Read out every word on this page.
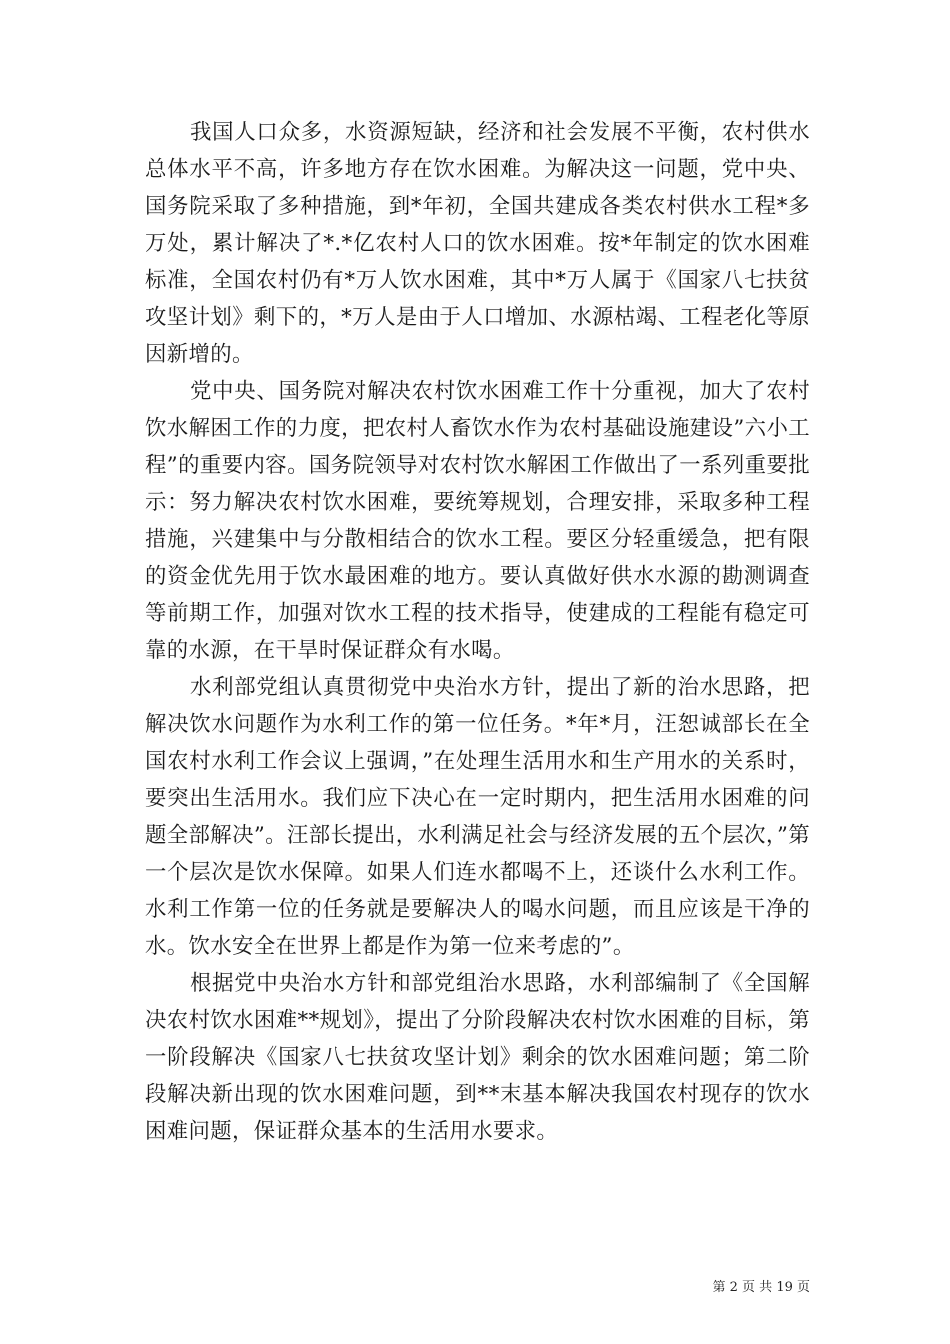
我国人口众多，水资源短缺，经济和社会发展不平衡，农村供水总体水平不高，许多地方存在饮水困难。为解决这一问题，党中央、国务院采取了多种措施，到*年初，全国共建成各类农村供水工程*多万处，累计解决了*.*亿农村人口的饮水困难。按*年制定的饮水困难标准，全国农村仍有*万人饮水困难，其中*万人属于《国家八七扶贫攻坚计划》剩下的，*万人是由于人口增加、水源枯竭、工程老化等原因新增的。

党中央、国务院对解决农村饮水困难工作十分重视，加大了农村饮水解困工作的力度，把农村人畜饮水作为农村基础设施建设”六小工程”的重要内容。国务院领导对农村饮水解困工作做出了一系列重要批示：努力解决农村饮水困难，要统筹规划，合理安排，采取多种工程措施，兴建集中与分散相结合的饮水工程。要区分轻重缓急，把有限的资金优先用于饮水最困难的地方。要认真做好供水水源的勘测调查等前期工作，加强对饮水工程的技术指导，使建成的工程能有稳定可靠的水源，在干旱时保证群众有水喝。

水利部党组认真贯彻党中央治水方针，提出了新的治水思路，把解决饮水问题作为水利工作的第一位任务。*年*月，汪恕诚部长在全国农村水利工作会议上强调，”在处理生活用水和生产用水的关系时，要突出生活用水。我们应下决心在一定时期内，把生活用水困难的问题全部解决”。汪部长提出，水利满足社会与经济发展的五个层次，”第一个层次是饮水保障。如果人们连水都喝不上，还谈什么水利工作。水利工作第一位的任务就是要解决人的喝水问题，而且应该是干净的水。饮水安全在世界上都是作为第一位来考虑的”。

根据党中央治水方针和部党组治水思路，水利部编制了《全国解决农村饮水困难**规划》，提出了分阶段解决农村饮水困难的目标，第一阶段解决《国家八七扶贫攻坚计划》剩余的饮水困难问题；第二阶段解决新出现的饮水困难问题，到**末基本解决我国农村现存的饮水困难问题，保证群众基本的生活用水要求。

第 2 页 共 19 页
